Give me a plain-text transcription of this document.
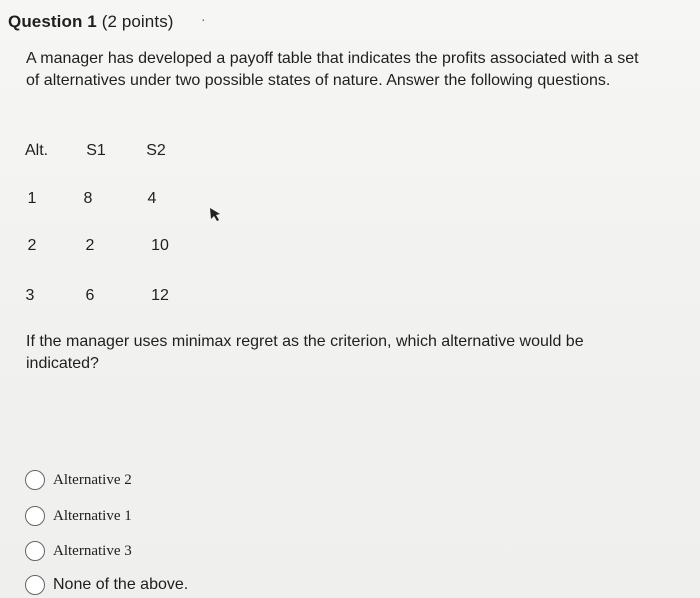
Question 1 (2 points) ·
A manager has developed a payoff table that indicates the profits associated with a set of alternatives under two possible states of nature. Answer the following questions.
Alt.	S1	S2
1	8	4
2	2	10
3	6	12
If the manager uses minimax regret as the criterion, which alternative would be indicated?
Alternative 2
Alternative 1
Alternative 3
None of the above.
